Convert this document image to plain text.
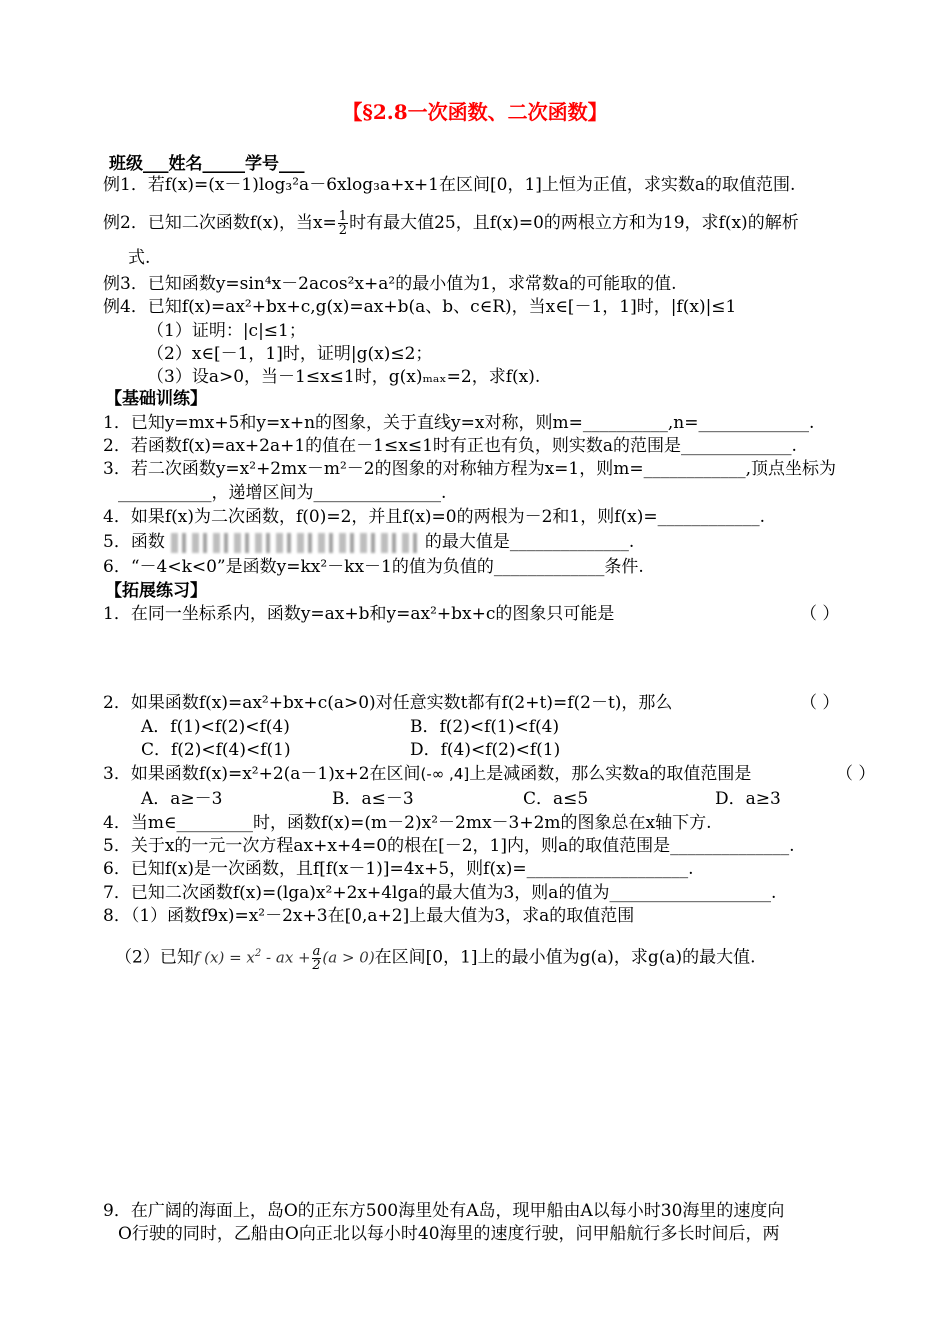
【§2.8一次函数、二次函数】
班级___姓名_____学号___
例1．若f(x)=(x－1)log₃²a－6xlog₃a+x+1在区间[0，1]上恒为正值，求实数a的取值范围.
例2．已知二次函数f(x)，当$x= \frac{1}{2}$ 时有最大值25，且f(x)=0的两根立方和为19，求f(x)的解析
式.
例3．已知函数y=sin⁴x－2acos²x+a²的最小值为1，求常数a的可能取的值.
例4．已知f(x)=ax²+bx+c,g(x)=ax+b(a、b、c∈R)，当x∈[－1，1]时，|f(x)|≤1
（1）证明：|c|≤1；
（2）x∈[－1，1]时，证明|g(x)≤2；
（3）设a>0，当－1≤x≤1时，g(x)ₘₐₓ=2，求f(x).
【基础训练】
1．已知y=mx+5和y=x+n的图象，关于直线y=x对称，则m=__________,n=_____________.
2．若函数f(x)=ax+2a+1的值在－1≤x≤1时有正也有负，则实数a的范围是_____________.
3．若二次函数y=x²+2mx－m²－2的图象的对称轴方程为x=1，则m=____________,顶点坐标为
___________，递增区间为_______________.
4．如果f(x)为二次函数，f(0)=2，并且f(x)=0的两根为－2和1，则f(x)=____________.
5．函数	的最大值是______________.
6．“－4<k<0”是函数y=kx²－kx－1的值为负值的_____________条件.
【拓展练习】
1．在同一坐标系内，函数y=ax+b和y=ax²+bx+c的图象只可能是	（ ）
2．如果函数f(x)=ax²+bx+c(a>0)对任意实数t都有f(2+t)=f(2－t)，那么	（ ）
A．f(1)<f(2)<f(4)	B．f(2)<f(1)<f(4)
C．f(2)<f(4)<f(1)	D．f(4)<f(2)<f(1)
3．如果函数f(x)=x²+2(a－1)x+2在区间(-∞ ,4]上是减函数，那么实数a的取值范围是	（ ）
A．a≥－3	B．a≤－3	C．a≤5	D．a≥3
4．当m∈_________时，函数f(x)=(m－2)x²－2mx－3+2m的图象总在x轴下方.
5．关于x的一元一次方程ax+x+4=0的根在[－2，1]内，则a的取值范围是______________.
6．已知f(x)是一次函数，且f[f(x－1)]=4x+5，则f(x)=___________________.
7．已知二次函数f(x)=(lga)x²+2x+4lga的最大值为3，则a的值为___________________.
8．（1）函数f9x)=x²－2x+3在[0,a+2]上最大值为3，求a的取值范围
（2）已知f $(x) = x^2$ - ax + $\frac{a}{2} (a > 0)$在区间[0，1]上的最小值为g(a)，求g(a)的最大值.
9．在广阔的海面上，岛O的正东方500海里处有A岛，现甲船由A以每小时30海里的速度向
O行驶的同时，乙船由O向正北以每小时40海里的速度行驶，问甲船航行多长时间后，两
